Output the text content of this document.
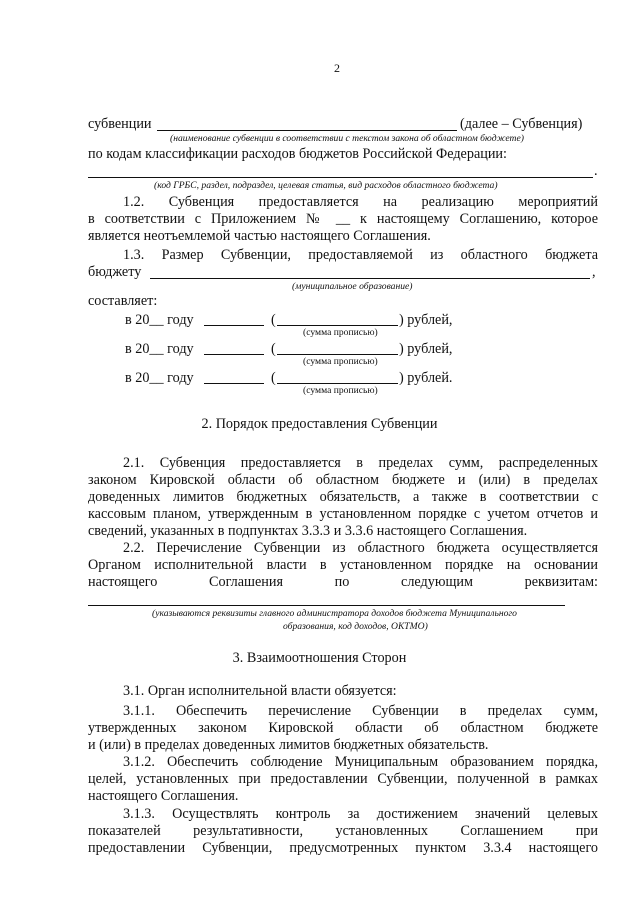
2
субвенции	(далее – Субвенция)
(наименование субвенции в соответствии с текстом закона об областном бюджете)
по кодам классификации расходов бюджетов Российской Федерации:
.
(код ГРБС, раздел, подраздел, целевая статья, вид расходов областного бюджета)
1.2. Субвенция предоставляется на реализацию мероприятий
в соответствии с Приложением № __ к настоящему Соглашению, которое
является неотъемлемой частью настоящего Соглашения.
1.3. Размер Субвенции, предоставляемой из областного бюджета
бюджету	,
(муниципальное образование)
составляет:
в 20__ году	(	) рублей,
(сумма прописью)
в 20__ году	(	) рублей,
(сумма прописью)
в 20__ году	(	) рублей.
(сумма прописью)
2. Порядок предоставления Субвенции
2.1. Субвенция предоставляется в пределах сумм, распределенных
законом Кировской области об областном бюджете и (или) в пределах
доведенных лимитов бюджетных обязательств, а также в соответствии с
кассовым планом, утвержденным в установленном порядке с учетом отчетов и
сведений, указанных в подпунктах 3.3.3 и 3.3.6 настоящего Соглашения.
2.2. Перечисление Субвенции из областного бюджета осуществляется
Органом исполнительной власти в установленном порядке на основании
настоящего Соглашения по следующим реквизитам:
(указываются реквизиты главного администратора доходов бюджета Муниципального
образования, код доходов, ОКТМО)
3. Взаимоотношения Сторон
3.1. Орган исполнительной власти обязуется:
3.1.1. Обеспечить перечисление Субвенции в пределах сумм,
утвержденных законом Кировской области об областном бюджете
и (или) в пределах доведенных лимитов бюджетных обязательств.
3.1.2. Обеспечить соблюдение Муниципальным образованием порядка,
целей, установленных при предоставлении Субвенции, полученной в рамках
настоящего Соглашения.
3.1.3. Осуществлять контроль за достижением значений целевых
показателей результативности, установленных Соглашением при
предоставлении Субвенции, предусмотренных пунктом 3.3.4 настоящего
